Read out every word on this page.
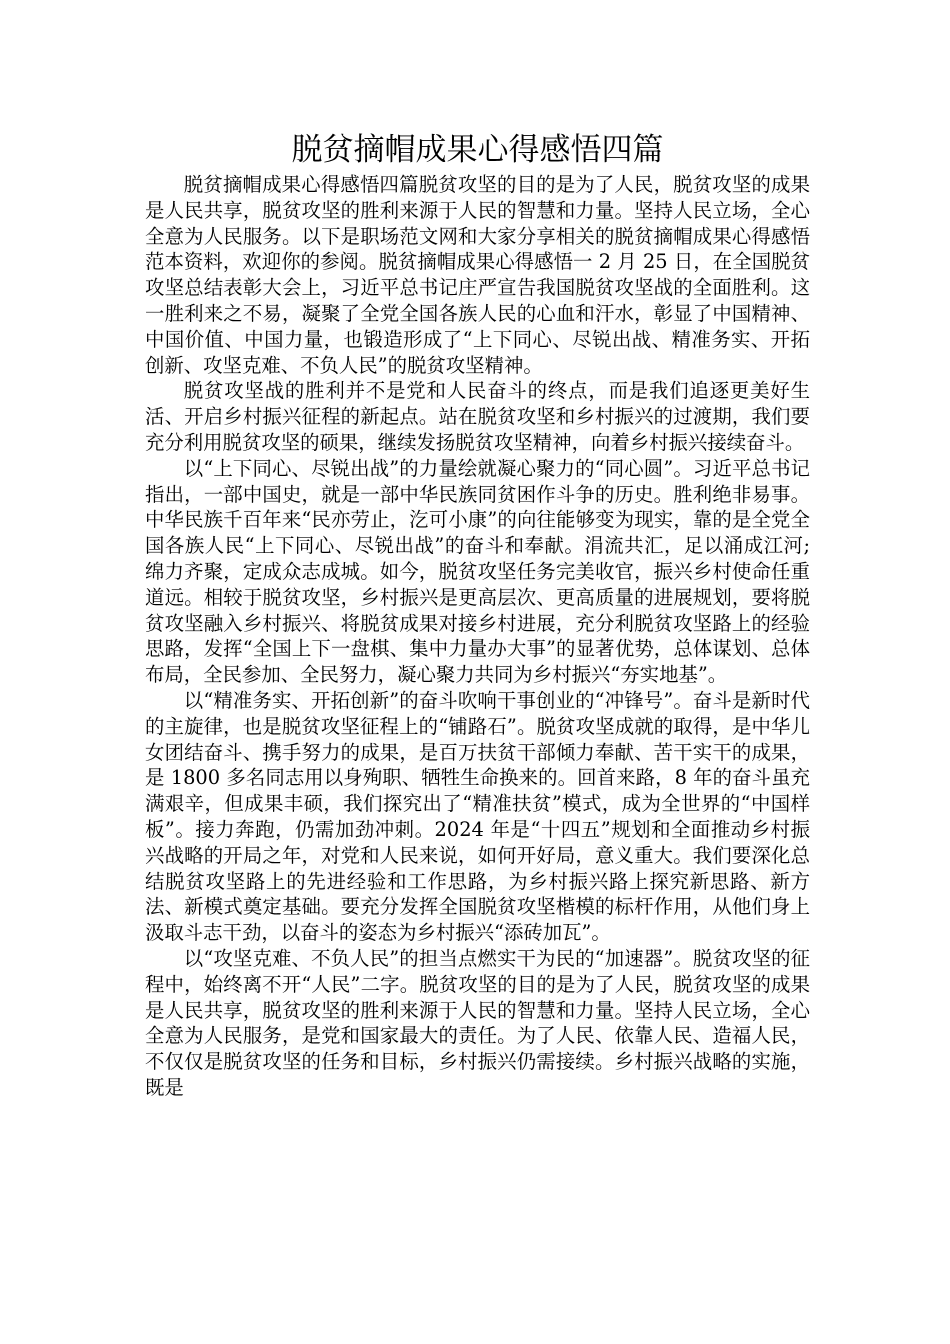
脱贫摘帽成果心得感悟四篇

脱贫摘帽成果心得感悟四篇脱贫攻坚的目的是为了人民，脱贫攻坚的成果是人民共享，脱贫攻坚的胜利来源于人民的智慧和力量。坚持人民立场，全心全意为人民服务。以下是职场范文网和大家分享相关的脱贫摘帽成果心得感悟范本资料，欢迎你的参阅。脱贫摘帽成果心得感悟一 2 月 25 日，在全国脱贫攻坚总结表彰大会上，习近平总书记庄严宣告我国脱贫攻坚战的全面胜利。这一胜利来之不易，凝聚了全党全国各族人民的心血和汗水，彰显了中国精神、中国价值、中国力量，也锻造形成了“上下同心、尽锐出战、精准务实、开拓创新、攻坚克难、不负人民”的脱贫攻坚精神。

脱贫攻坚战的胜利并不是党和人民奋斗的终点，而是我们追逐更美好生活、开启乡村振兴征程的新起点。站在脱贫攻坚和乡村振兴的过渡期，我们要充分利用脱贫攻坚的硕果，继续发扬脱贫攻坚精神，向着乡村振兴接续奋斗。

以“上下同心、尽锐出战”的力量绘就凝心聚力的“同心圆”。习近平总书记指出，一部中国史，就是一部中华民族同贫困作斗争的历史。胜利绝非易事。中华民族千百年来“民亦劳止，汔可小康”的向往能够变为现实，靠的是全党全国各族人民“上下同心、尽锐出战”的奋斗和奉献。涓流共汇，足以涌成江河;绵力齐聚，定成众志成城。如今，脱贫攻坚任务完美收官，振兴乡村使命任重道远。相较于脱贫攻坚，乡村振兴是更高层次、更高质量的进展规划，要将脱贫攻坚融入乡村振兴、将脱贫成果对接乡村进展，充分利脱贫攻坚路上的经验思路，发挥“全国上下一盘棋、集中力量办大事”的显著优势，总体谋划、总体布局，全民参加、全民努力，凝心聚力共同为乡村振兴“夯实地基”。

以“精准务实、开拓创新”的奋斗吹响干事创业的“冲锋号”。奋斗是新时代的主旋律，也是脱贫攻坚征程上的“铺路石”。脱贫攻坚成就的取得，是中华儿女团结奋斗、携手努力的成果，是百万扶贫干部倾力奉献、苦干实干的成果，是 1800 多名同志用以身殉职、牺牲生命换来的。回首来路，8 年的奋斗虽充满艰辛，但成果丰硕，我们探究出了“精准扶贫”模式，成为全世界的“中国样板”。接力奔跑，仍需加劲冲刺。2024 年是“十四五”规划和全面推动乡村振兴战略的开局之年，对党和人民来说，如何开好局，意义重大。我们要深化总结脱贫攻坚路上的先进经验和工作思路，为乡村振兴路上探究新思路、新方法、新模式奠定基础。要充分发挥全国脱贫攻坚楷模的标杆作用，从他们身上汲取斗志干劲，以奋斗的姿态为乡村振兴“添砖加瓦”。

以“攻坚克难、不负人民”的担当点燃实干为民的“加速器”。脱贫攻坚的征程中，始终离不开“人民”二字。脱贫攻坚的目的是为了人民，脱贫攻坚的成果是人民共享，脱贫攻坚的胜利来源于人民的智慧和力量。坚持人民立场，全心全意为人民服务，是党和国家最大的责任。为了人民、依靠人民、造福人民，不仅仅是脱贫攻坚的任务和目标，乡村振兴仍需接续。乡村振兴战略的实施，既是
